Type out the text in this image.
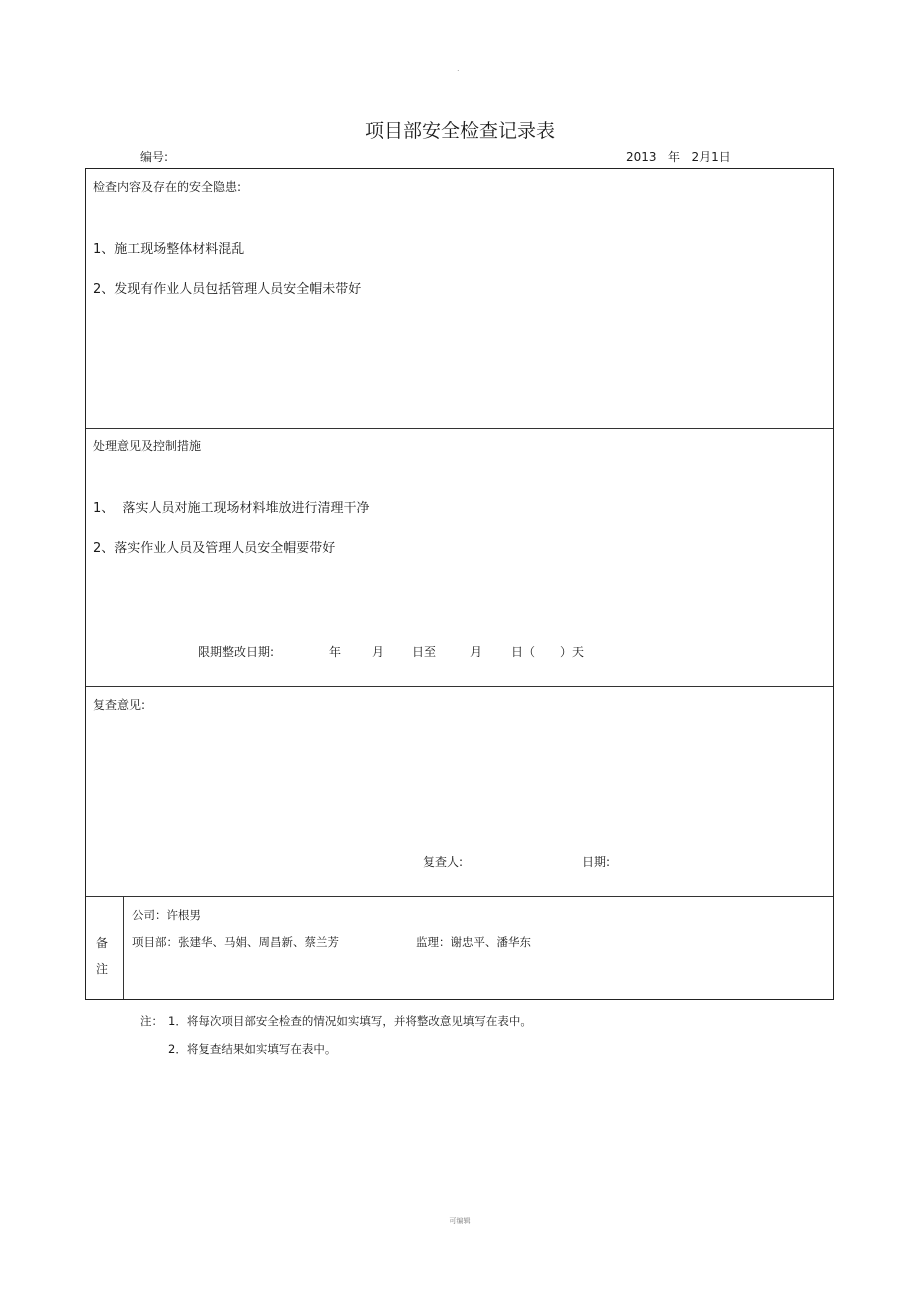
.
项目部安全检查记录表
编号:	2013 年 2月1日
检查内容及存在的安全隐患:
1、施工现场整体材料混乱
2、发现有作业人员包括管理人员安全帽未带好
处理意见及控制措施
1、  落实人员对施工现场材料堆放进行清理干净
2、落实作业人员及管理人员安全帽要带好
限期整改日期:	年	月 日至	月 日（ ）天
复查意见:
复查人:	日期:
备
注
公司：许根男
项目部：张建华、马娟、周昌新、蔡兰芳	监理：谢忠平、潘华东
注： 1．将每次项目部安全检查的情况如实填写，并将整改意见填写在表中。
2．将复查结果如实填写在表中。
可编辑
